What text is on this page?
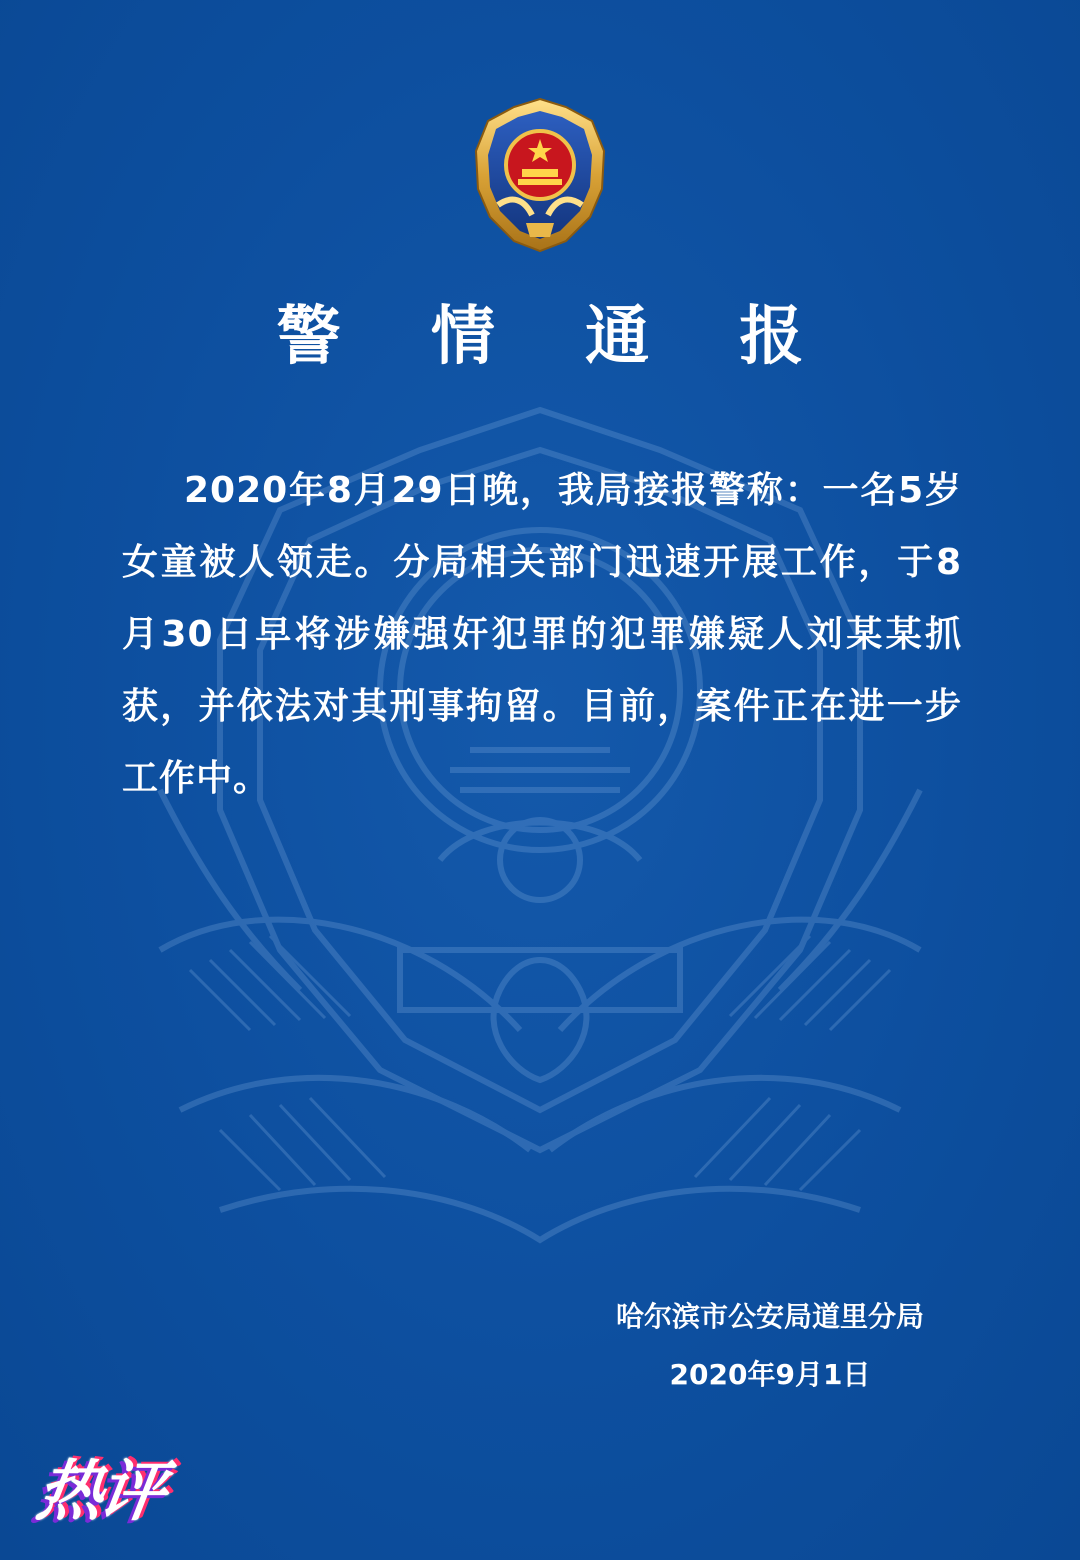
警 情 通 报
2020年8月29日晚，我局接报警称：一名5岁女童被人领走。分局相关部门迅速开展工作，于8月30日早将涉嫌强奸犯罪的犯罪嫌疑人刘某某抓获，并依法对其刑事拘留。目前，案件正在进一步工作中。
哈尔滨市公安局道里分局
2020年9月1日
热评
